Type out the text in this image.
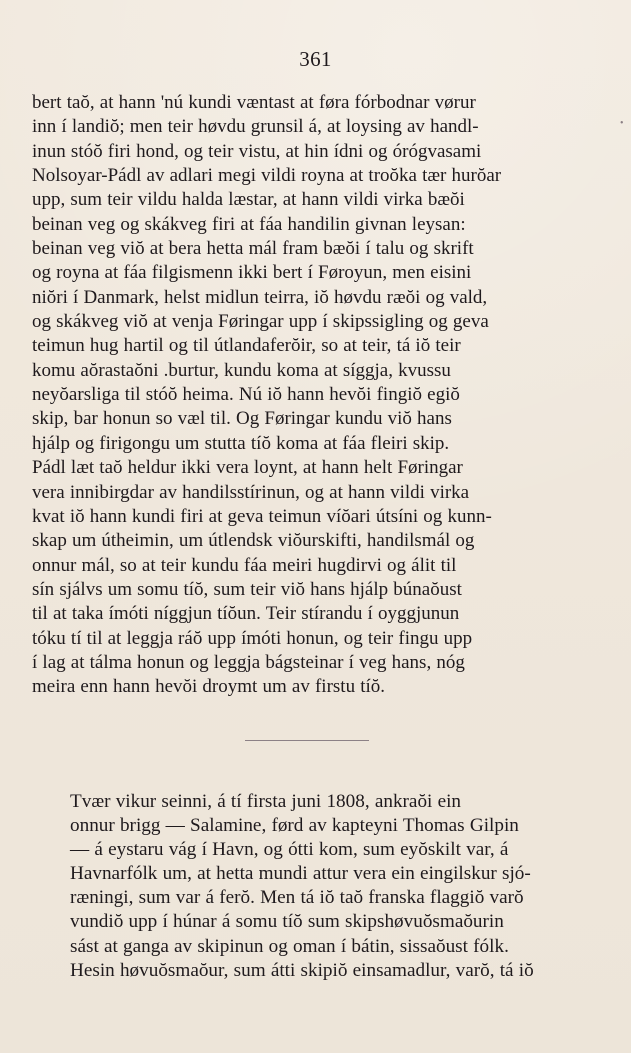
361

bert taŏ, at hann 'nú kundi væntast at føra fórbodnar vørur
inn í landiŏ; men teir høvdu grunsil á, at loysing av handl-
inun stóŏ firi hond, og teir vistu, at hin ídni og órógvasami
Nolsoyar-Pádl av adlari megi vildi royna at troŏka tær hurŏar
upp, sum teir vildu halda læstar, at hann vildi virka bæŏi
beinan veg og skákveg firi at fáa handilin givnan leysan:
beinan veg viŏ at bera hetta mál fram bæŏi í talu og skrift
og royna at fáa filgismenn ikki bert í Føroyun, men eisini
niŏri í Danmark, helst midlun teirra, iŏ høvdu ræŏi og vald,
og skákveg viŏ at venja Føringar upp í skipssigling og geva
teimun hug hartil og til útlandaferŏir, so at teir, tá iŏ teir
komu aŏrastaŏni .burtur, kundu koma at síggja, kvussu
neyŏarsliga til stóŏ heima. Nú iŏ hann hevŏi fingiŏ egiŏ
skip, bar honun so væl til. Og Føringar kundu viŏ hans
hjálp og firigongu um stutta tíŏ koma at fáa fleiri skip.
Pádl læt taŏ heldur ikki vera loynt, at hann helt Føringar
vera innibirgdar av handilsstírinun, og at hann vildi virka
kvat iŏ hann kundi firi at geva teimun víŏari útsíni og kunn-
skap um útheimin, um útlendsk viŏurskifti, handilsmál og
onnur mál, so at teir kundu fáa meiri hugdirvi og álit til
sín sjálvs um somu tíŏ, sum teir viŏ hans hjálp búnaŏust
til at taka ímóti níggjun tíŏun. Teir stírandu í oyggjunun
tóku tí til at leggja ráŏ upp ímóti honun, og teir fingu upp
í lag at tálma honun og leggja bágsteinar í veg hans, nóg
meira enn hann hevŏi droymt um av firstu tíŏ.

Tvær vikur seinni, á tí firsta juni 1808, ankraŏi ein
onnur brigg — Salamine, førd av kapteyni Thomas Gilpin
— á eystaru vág í Havn, og ótti kom, sum eyŏskilt var, á
Havnarfólk um, at hetta mundi attur vera ein eingilskur sjó-
ræningi, sum var á ferŏ. Men tá iŏ taŏ franska flaggiŏ varŏ
vundiŏ upp í húnar á somu tíŏ sum skipshøvuŏsmaŏurin
sást at ganga av skipinun og oman í bátin, sissaŏust fólk.
Hesin høvuŏsmaŏur, sum átti skipiŏ einsamadlur, varŏ, tá iŏ

•
